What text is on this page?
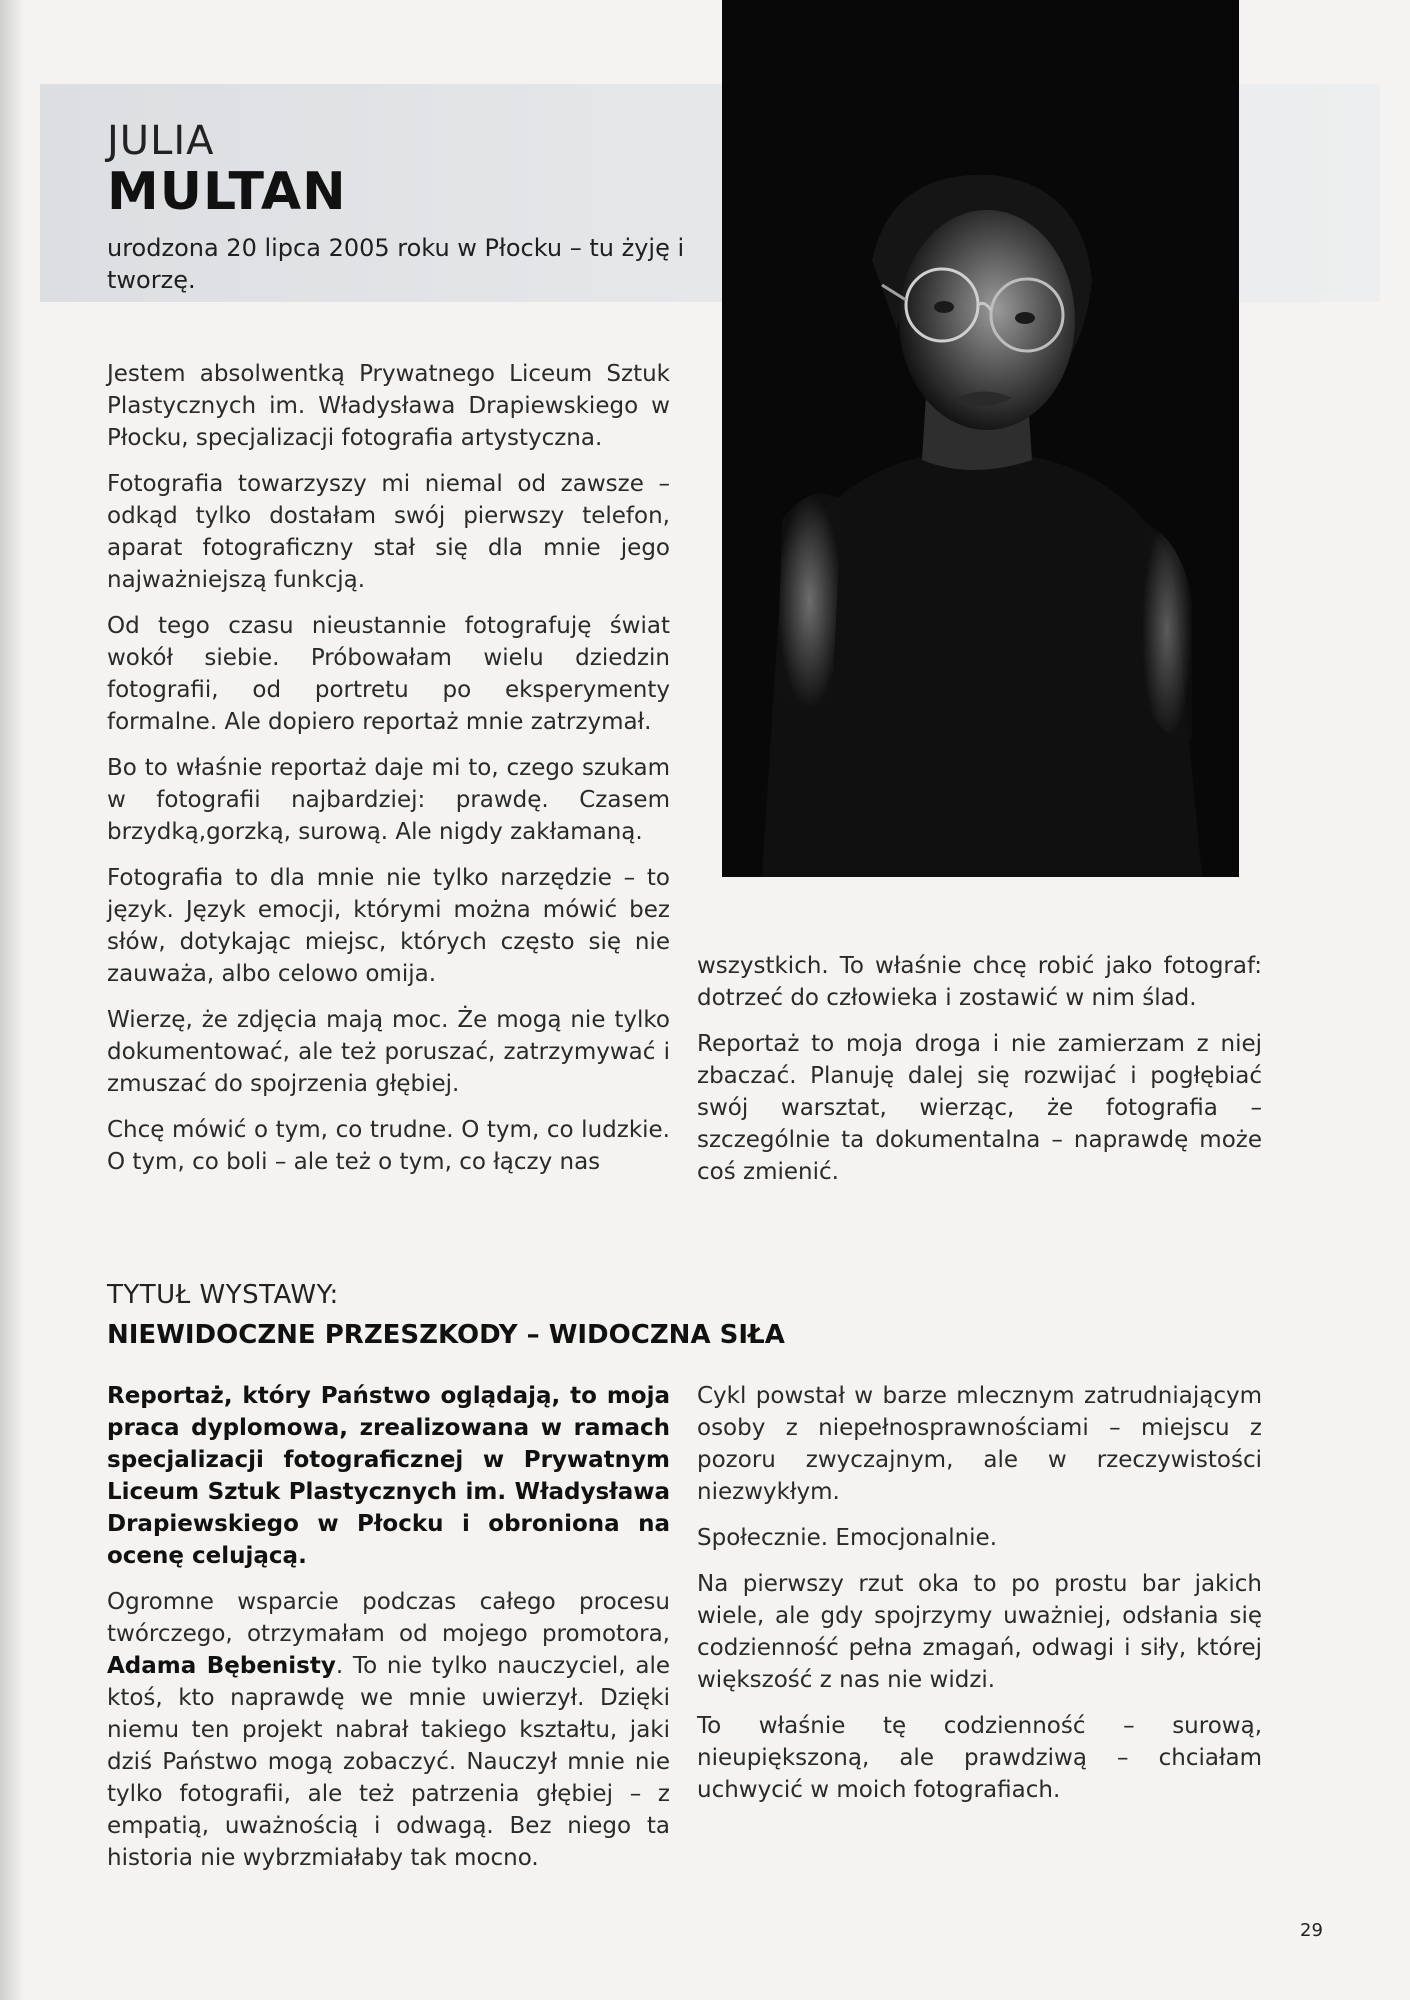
JULIA
MULTAN
urodzona 20 lipca 2005 roku w Płocku – tu żyję i tworzę.

Jestem absolwentką Prywatnego Liceum Sztuk Plastycznych im. Władysława Drapiewskiego w Płocku, specjalizacji fotografia artystyczna.

Fotografia towarzyszy mi niemal od zawsze – odkąd tylko dostałam swój pierwszy telefon, aparat fotograficzny stał się dla mnie jego najważniejszą funkcją.

Od tego czasu nieustannie fotografuję świat wokół siebie. Próbowałam wielu dziedzin fotografii, od portretu po eksperymenty formalne. Ale dopiero reportaż mnie zatrzymał.

Bo to właśnie reportaż daje mi to, czego szukam w fotografii najbardziej: prawdę. Czasem brzydką,gorzką, surową. Ale nigdy zakłamaną.

Fotografia to dla mnie nie tylko narzędzie – to język. Język emocji, którymi można mówić bez słów, dotykając miejsc, których często się nie zauważa, albo celowo omija.

Wierzę, że zdjęcia mają moc. Że mogą nie tylko dokumentować, ale też poruszać, zatrzymywać i zmuszać do spojrzenia głębiej.

Chcę mówić o tym, co trudne. O tym, co ludzkie. O tym, co boli – ale też o tym, co łączy nas

wszystkich. To właśnie chcę robić jako fotograf: dotrzeć do człowieka i zostawić w nim ślad.

Reportaż to moja droga i nie zamierzam z niej zbaczać. Planuję dalej się rozwijać i pogłębiać swój warsztat, wierząc, że fotografia – szczególnie ta dokumentalna – naprawdę może coś zmienić.

TYTUŁ WYSTAWY:
NIEWIDOCZNE PRZESZKODY – WIDOCZNA SIŁA

Reportaż, który Państwo oglądają, to moja praca dyplomowa, zrealizowana w ramach specjalizacji fotograficznej w Prywatnym Liceum Sztuk Plastycznych im. Władysława Drapiewskiego w Płocku i obroniona na ocenę celującą.

Ogromne wsparcie podczas całego procesu twórczego, otrzymałam od mojego promotora, Adama Bębenisty. To nie tylko nauczyciel, ale ktoś, kto naprawdę we mnie uwierzył. Dzięki niemu ten projekt nabrał takiego kształtu, jaki dziś Państwo mogą zobaczyć. Nauczył mnie nie tylko fotografii, ale też patrzenia głębiej – z empatią, uważnością i odwagą. Bez niego ta historia nie wybrzmiałaby tak mocno.

Cykl powstał w barze mlecznym zatrudniającym osoby z niepełnosprawnościami – miejscu z pozoru zwyczajnym, ale w rzeczywistości niezwykłym.

Społecznie. Emocjonalnie.

Na pierwszy rzut oka to po prostu bar jakich wiele, ale gdy spojrzymy uważniej, odsłania się codzienność pełna zmagań, odwagi i siły, której większość z nas nie widzi.

To właśnie tę codzienność – surową, nieupiększoną, ale prawdziwą – chciałam uchwycić w moich fotografiach.

29
